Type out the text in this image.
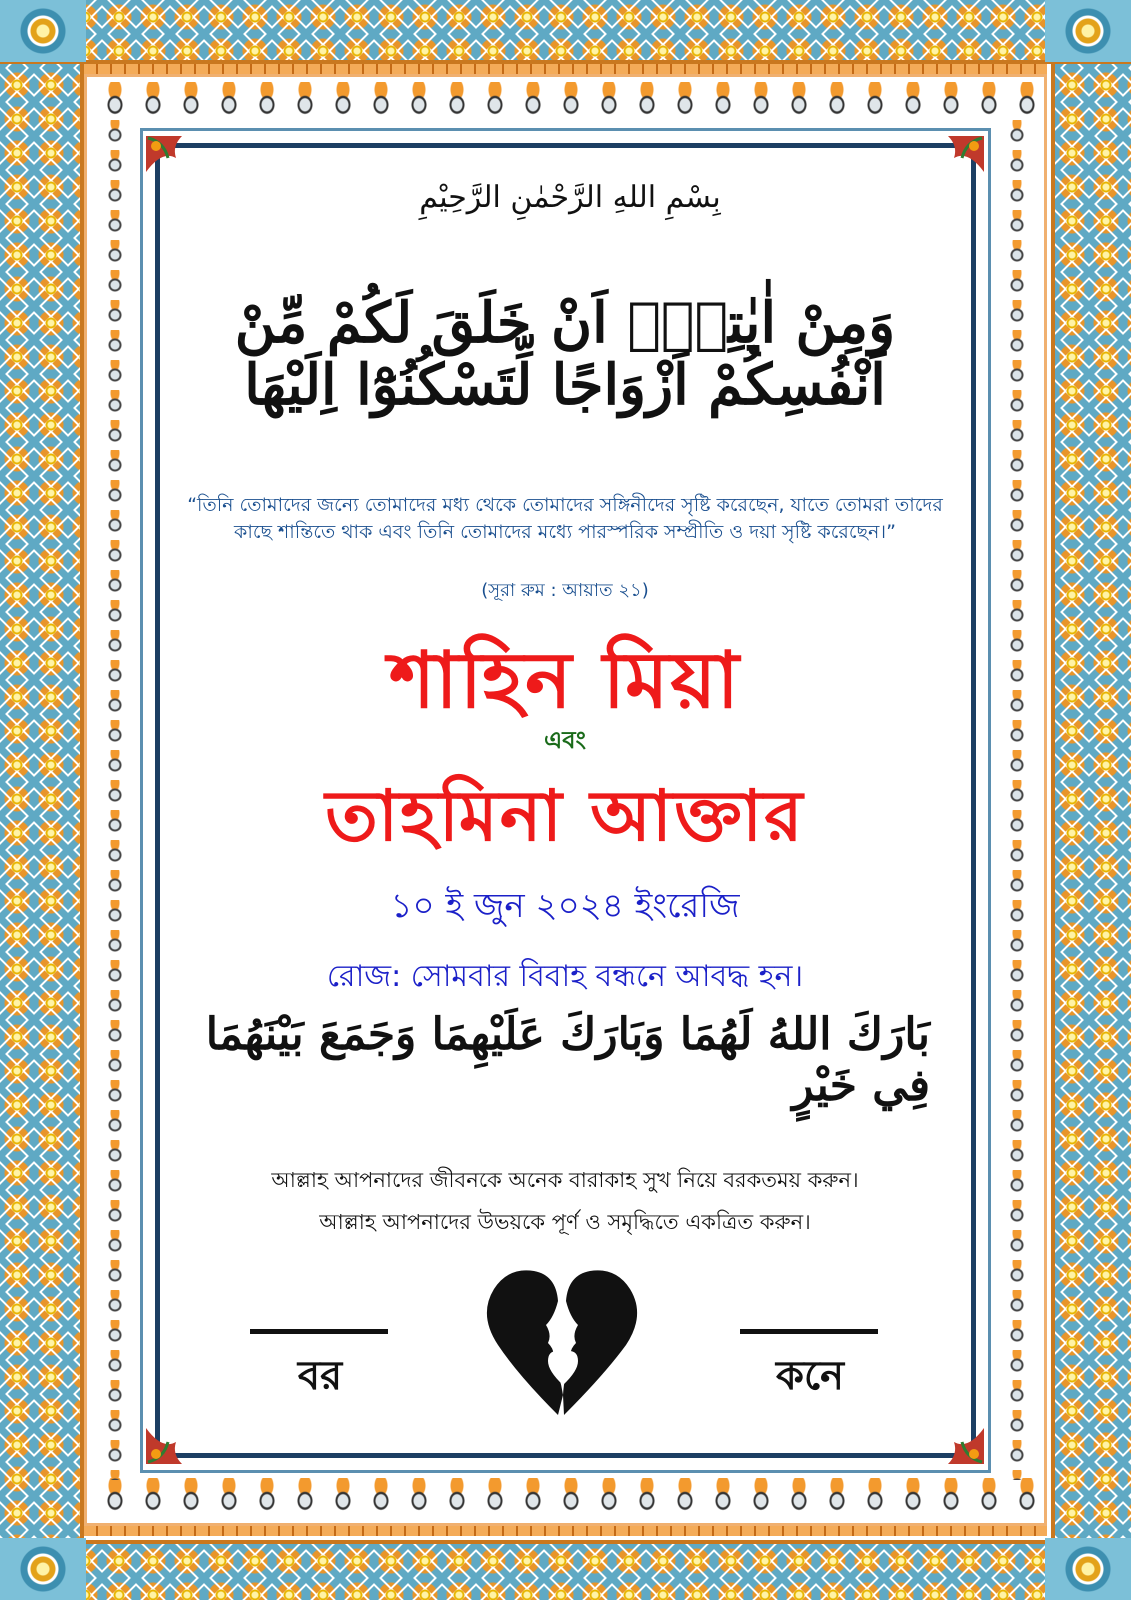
بِسْمِ اللهِ الرَّحْمٰنِ الرَّحِيْمِ
وَمِنْ اٰيٰتِهٖٓ اَنْ خَلَقَ لَكُمْ مِّنْ اَنْفُسِكُمْ اَزْوَاجًا لِّتَسْكُنُوْٓا اِلَيْهَا
“তিনি তোমাদের জন্যে তোমাদের মধ্য থেকে তোমাদের সঙ্গিনীদের সৃষ্টি করেছেন, যাতে তোমরা তাদের কাছে শান্তিতে থাক এবং তিনি তোমাদের মধ্যে পারস্পরিক সম্প্রীতি ও দয়া সৃষ্টি করেছেন।”
(সূরা রুম : আয়াত ২১)
শাহিন মিয়া
এবং
তাহমিনা আক্তার
১০ ই জুন ২০২৪ ইংরেজি
রোজ: সোমবার বিবাহ বন্ধনে আবদ্ধ হন।
بَارَكَ اللهُ لَهُمَا وَبَارَكَ عَلَيْهِمَا وَجَمَعَ بَيْنَهُمَا فِي خَيْرٍ
আল্লাহ আপনাদের জীবনকে অনেক বারাকাহ সুখ নিয়ে বরকতময় করুন।
আল্লাহ আপনাদের উভয়কে পূর্ণ ও সমৃদ্ধিতে একত্রিত করুন।
বর	কনে
